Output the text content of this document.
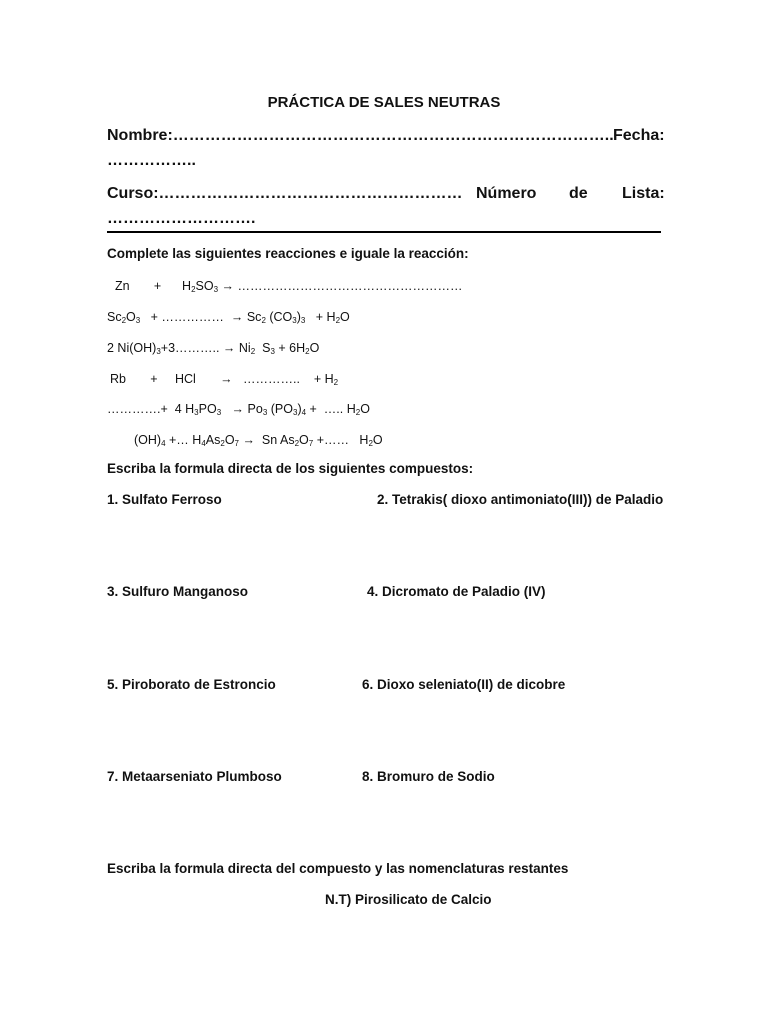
PRÁCTICA DE SALES NEUTRAS
Nombre:……………………………………………………………………….. Fecha:
……………..
Curso:………………………………………………… Número de Lista:
……………………….
Complete las siguientes reacciones e iguale la reacción:
Zn       +      $H_2SO_3$ → ………………………………………………
$Sc_2O_3$   + ……………  → $Sc_2$ $(CO_3)_3 + H_2O$
2 $Ni(OH)_3+3\dots\dots\dots$.. → $Ni_2$  $S_3 + 6H_2O$
Rb       +     HCl       →   …………..    + $H_2$
………….+  4 $H_3PO_3 \to Po_3$ $(PO_3)_4$ +  ….. $H_2O$
$(OH)_4$ +… $H_4As_2O_7 \to Sn$ $As_2O_7$ +……   $H_2O$
Escriba la formula directa de los siguientes compuestos:
1. Sulfato Ferroso	2. Tetrakis( dioxo antimoniato(III)) de Paladio
3. Sulfuro Manganoso	4. Dicromato de Paladio (IV)
5. Piroborato de Estroncio	6. Dioxo seleniato(II) de dicobre
7. Metaarseniato Plumboso	8. Bromuro de Sodio
Escriba la formula directa del compuesto y las nomenclaturas restantes
N.T) Pirosilicato de Calcio
